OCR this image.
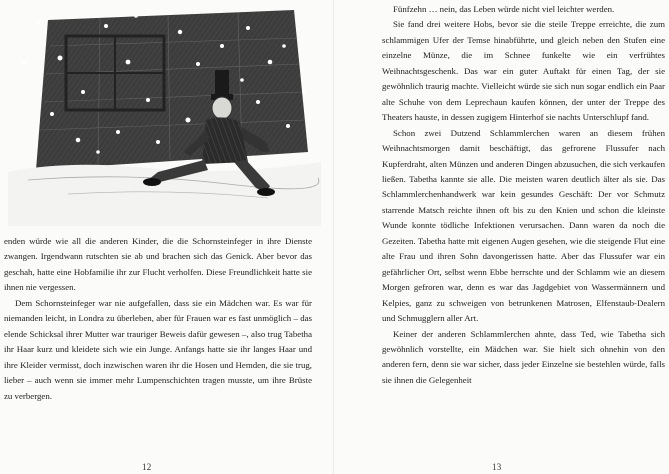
enden würde wie all die anderen Kinder, die die Schornsteinfeger in ihre Dienste zwangen. Irgendwann rutschten sie ab und brachen sich das Genick. Aber bevor das geschah, hatte eine Hobfamilie ihr zur Flucht verholfen. Diese Freundlichkeit hatte sie ihnen nie vergessen.

Dem Schornsteinfeger war nie aufgefallen, dass sie ein Mädchen war. Es war für niemanden leicht, in Londra zu überleben, aber für Frauen war es fast unmöglich – das elende Schicksal ihrer Mutter war trauriger Beweis dafür gewesen –, also trug Tabetha ihr Haar kurz und kleidete sich wie ein Junge. Anfangs hatte sie ihr langes Haar und ihre Kleider vermisst, doch inzwischen waren ihr die Hosen und Hemden, die sie trug, lieber – auch wenn sie immer mehr Lumpenschichten tragen musste, um ihre Brüste zu verbergen.

12

Fünfzehn … nein, das Leben würde nicht viel leichter werden.

Sie fand drei weitere Hobs, bevor sie die steile Treppe erreichte, die zum schlammigen Ufer der Temse hinabführte, und gleich neben den Stufen eine einzelne Münze, die im Schnee funkelte wie ein verfrühtes Weihnachtsgeschenk. Das war ein guter Auftakt für einen Tag, der sie gewöhnlich traurig machte. Vielleicht würde sie sich nun sogar endlich ein Paar alte Schuhe von dem Leprechaun kaufen können, der unter der Treppe des Theaters hauste, in dessen zugigem Hinterhof sie nachts Unterschlupf fand.

Schon zwei Dutzend Schlammlerchen waren an diesem frühen Weihnachtsmorgen damit beschäftigt, das gefrorene Flussufer nach Kupferdraht, alten Münzen und anderen Dingen abzusuchen, die sich verkaufen ließen. Tabetha kannte sie alle. Die meisten waren deutlich älter als sie. Das Schlammlerchenhandwerk war kein gesundes Geschäft: Der vor Schmutz starrende Matsch reichte ihnen oft bis zu den Knien und schon die kleinste Wunde konnte tödliche Infektionen verursachen. Dann waren da noch die Gezeiten. Tabetha hatte mit eigenen Augen gesehen, wie die steigende Flut eine alte Frau und ihren Sohn davongerissen hatte. Aber das Flussufer war ein gefährlicher Ort, selbst wenn Ebbe herrschte und der Schlamm wie an diesem Morgen gefroren war, denn es war das Jagdgebiet von Wassermännern und Kelpies, ganz zu schweigen von betrunkenen Matrosen, Elfenstaub-Dealern und Schmugglern aller Art.

Keiner der anderen Schlammlerchen ahnte, dass Ted, wie Tabetha sich gewöhnlich vorstellte, ein Mädchen war. Sie hielt sich ohnehin von den anderen fern, denn sie war sicher, dass jeder Einzelne sie bestehlen würde, falls sie ihnen die Gelegenheit

13
